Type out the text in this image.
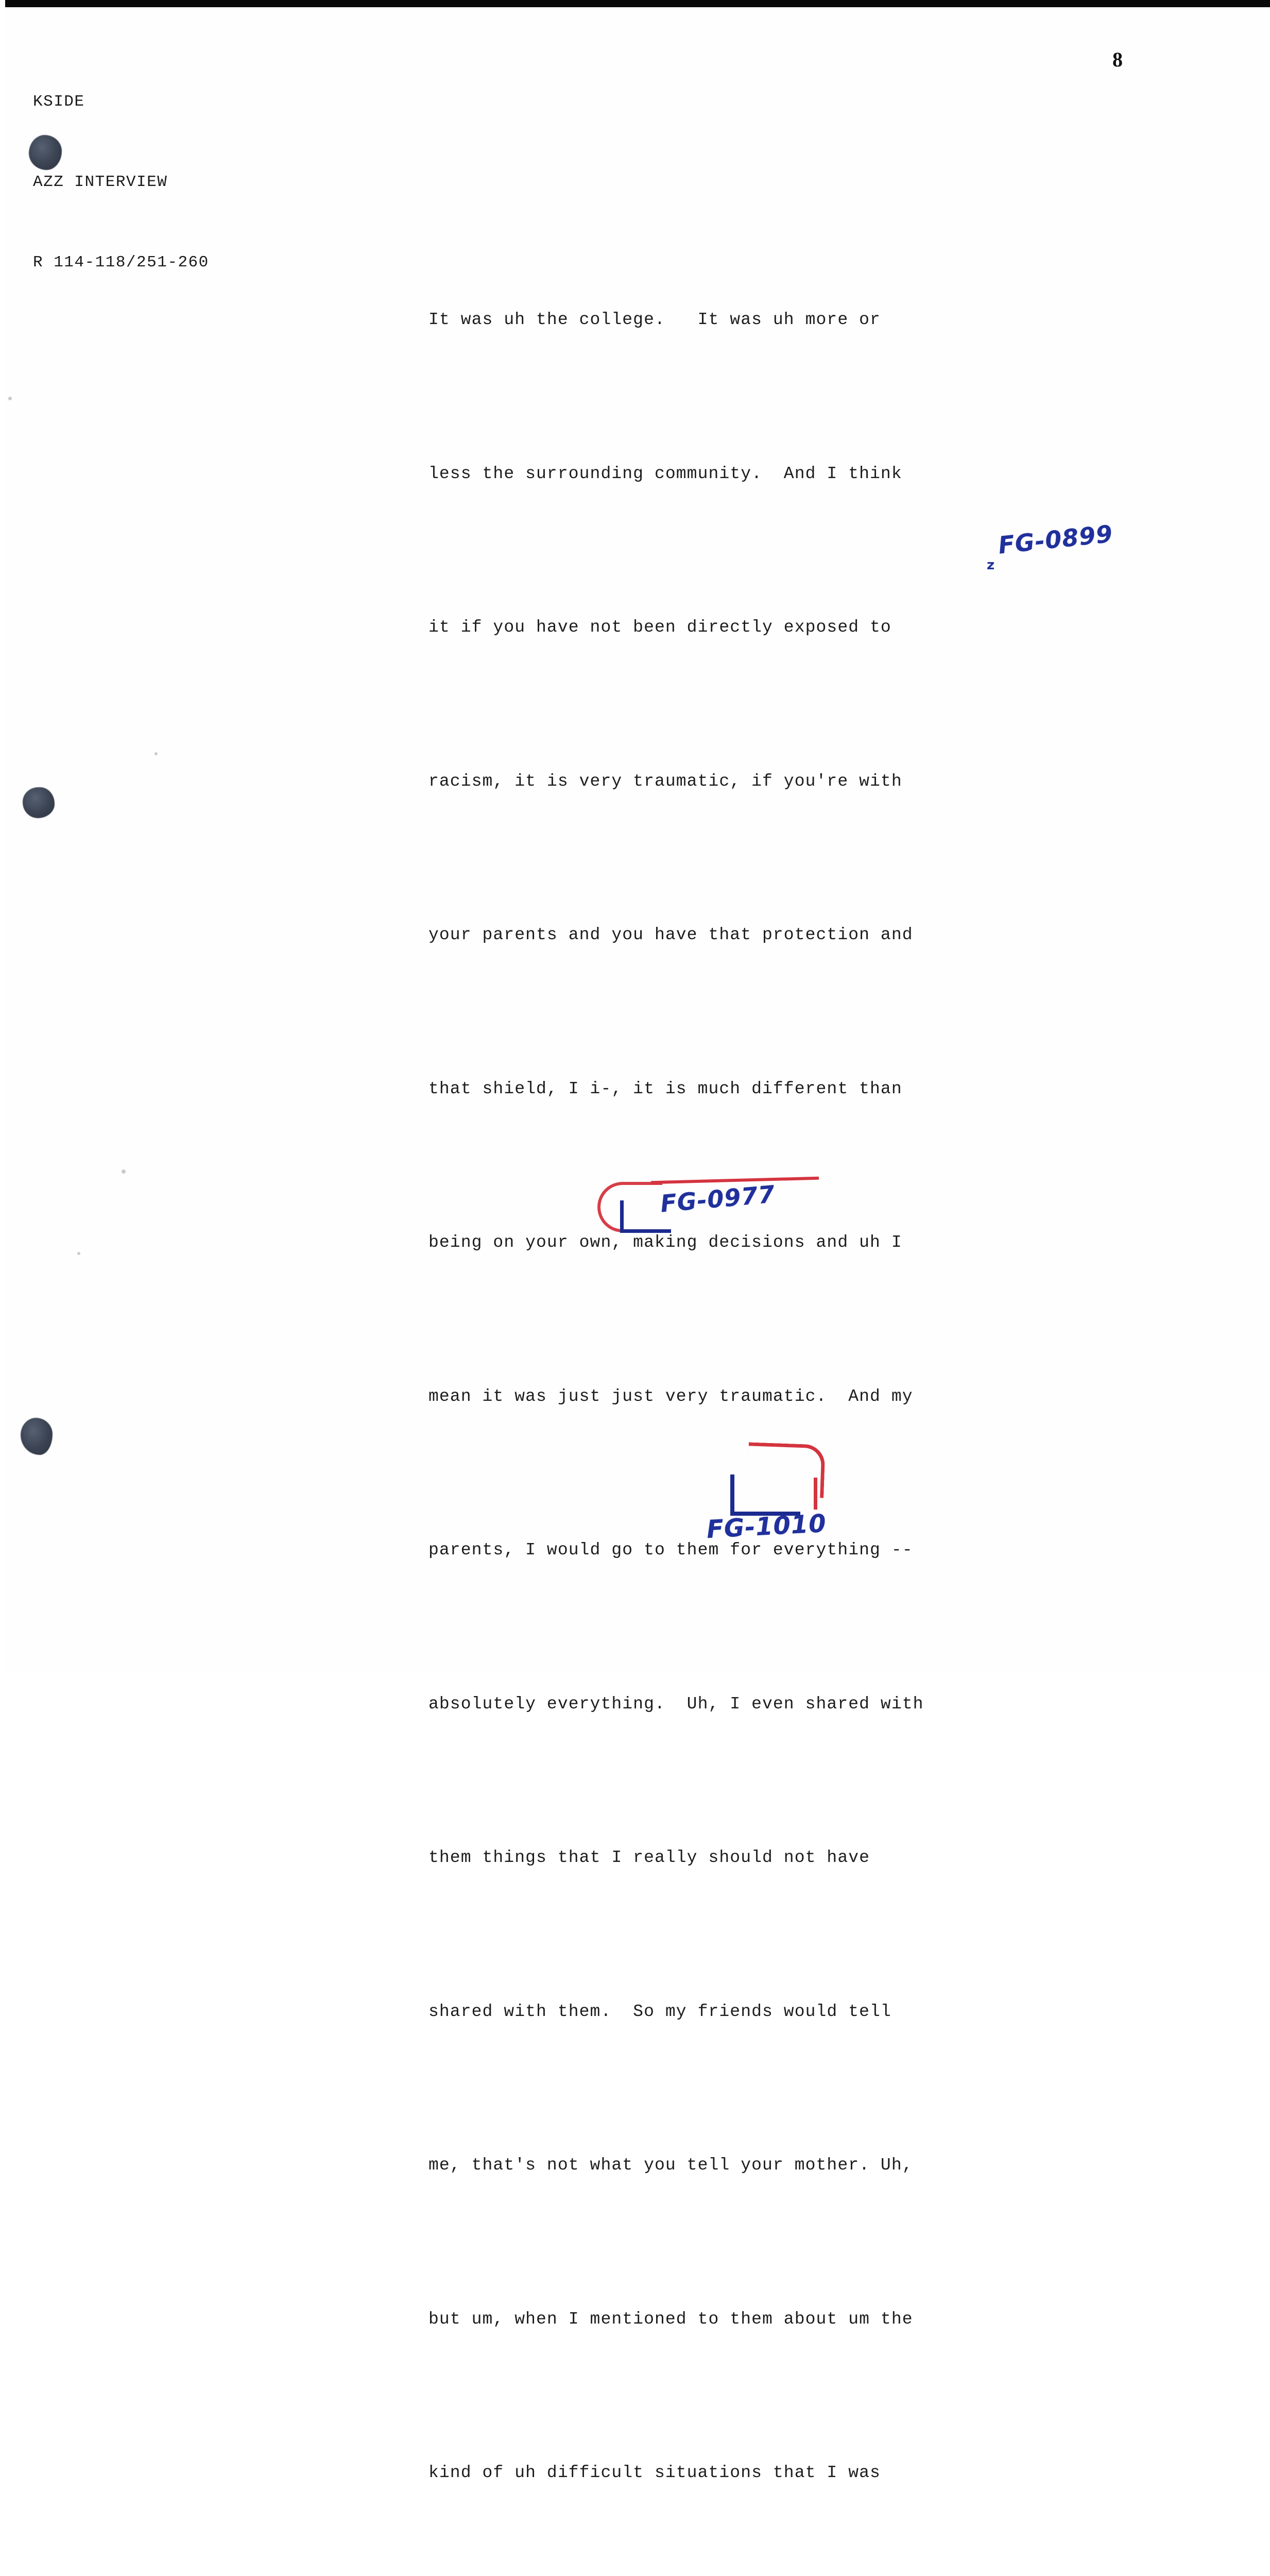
KSIDE

AZZ INTERVIEW

R 114-118/251-260

8

It was uh the college.   It was uh more or

less the surrounding community.  And I think

it if you have not been directly exposed to

racism, it is very traumatic, if you're with

your parents and you have that protection and

that shield, I i-, it is much different than

being on your own, making decisions and uh I

mean it was just just very traumatic.  And my

parents, I would go to them for everything --

absolutely everything.  Uh, I even shared with

them things that I really should not have

shared with them.  So my friends would tell

me, that's not what you tell your mother. Uh,

but um, when I mentioned to them about um the

kind of uh difficult situations that I was

FG-0899
z
FG-0977
FG-1010
